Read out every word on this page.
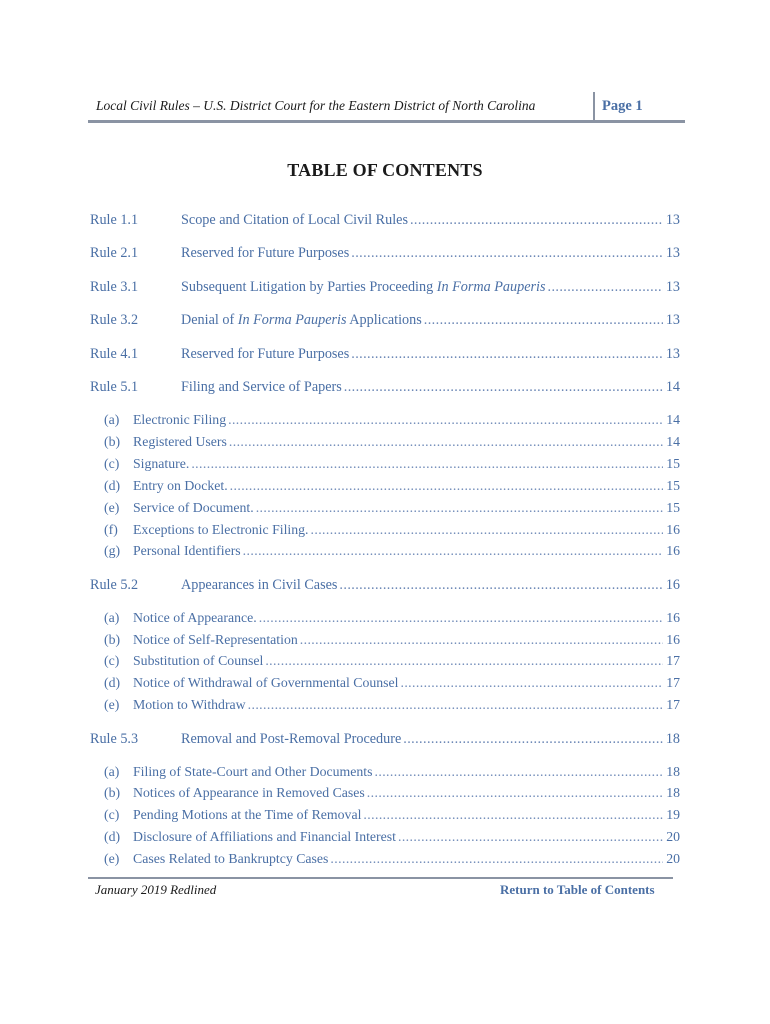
Local Civil Rules – U.S. District Court for the Eastern District of North Carolina	Page 1
TABLE OF CONTENTS
Rule 1.1	Scope and Citation of Local Civil Rules .....	13
Rule 2.1	Reserved for Future Purposes .....	13
Rule 3.1	Subsequent Litigation by Parties Proceeding In Forma Pauperis .....	13
Rule 3.2	Denial of In Forma Pauperis Applications .....	13
Rule 4.1	Reserved for Future Purposes .....	13
Rule 5.1	Filing and Service of Papers .....	14
(a) Electronic Filing .....	14
(b) Registered Users .....	14
(c) Signature. .....	15
(d) Entry on Docket. .....	15
(e) Service of Document. .....	15
(f)	Exceptions to Electronic Filing. .....	16
(g) Personal Identifiers .....	16
Rule 5.2	Appearances in Civil Cases .....	16
(a) Notice of Appearance. .....	16
(b) Notice of Self-Representation .....	16
(c) Substitution of Counsel .....	17
(d) Notice of Withdrawal of Governmental Counsel .....	17
(e) Motion to Withdraw .....	17
Rule 5.3	Removal and Post-Removal Procedure .....	18
(a) Filing of State-Court and Other Documents .....	18
(b) Notices of Appearance in Removed Cases .....	18
(c) Pending Motions at the Time of Removal .....	19
(d) Disclosure of Affiliations and Financial Interest .....	20
(e) Cases Related to Bankruptcy Cases .....	20
January 2019 Redlined	Return to Table of Contents
